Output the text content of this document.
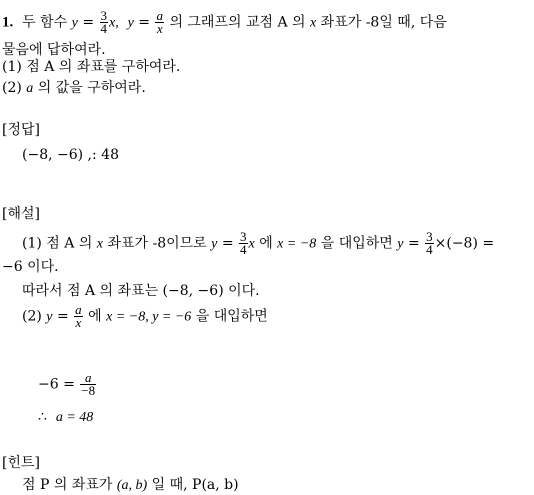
1. 두 함수 $y = \frac{3}{4} x$, $y = \frac{a}{x}$ 의 그래프의 교점 A 의 x 좌표가 -8일 때, 다음
물음에 답하여라.
(1) 점 A 의 좌표를 구하여라.
(2) a 의 값을 구하여라.
[정답]
(−8, −6) ,: 48
[해설]
(1) 점 A 의 x 좌표가 -8이므로 $y = \frac{3}{4}$ x 에 x = −8 을 대입하면 $y = \frac{3}{4} \times(-8)$ =
−6 이다.
따라서 점 A 의 좌표는 (−8, −6) 이다.
(2) $y = \frac{a}{x}$ 에 x = −8, y = −6 을 대입하면
$-6 = \frac{a}{-8}$
∴ a = 48
[힌트]
점 P 의 좌표가 (a, b) 일 때, P(a, b)
